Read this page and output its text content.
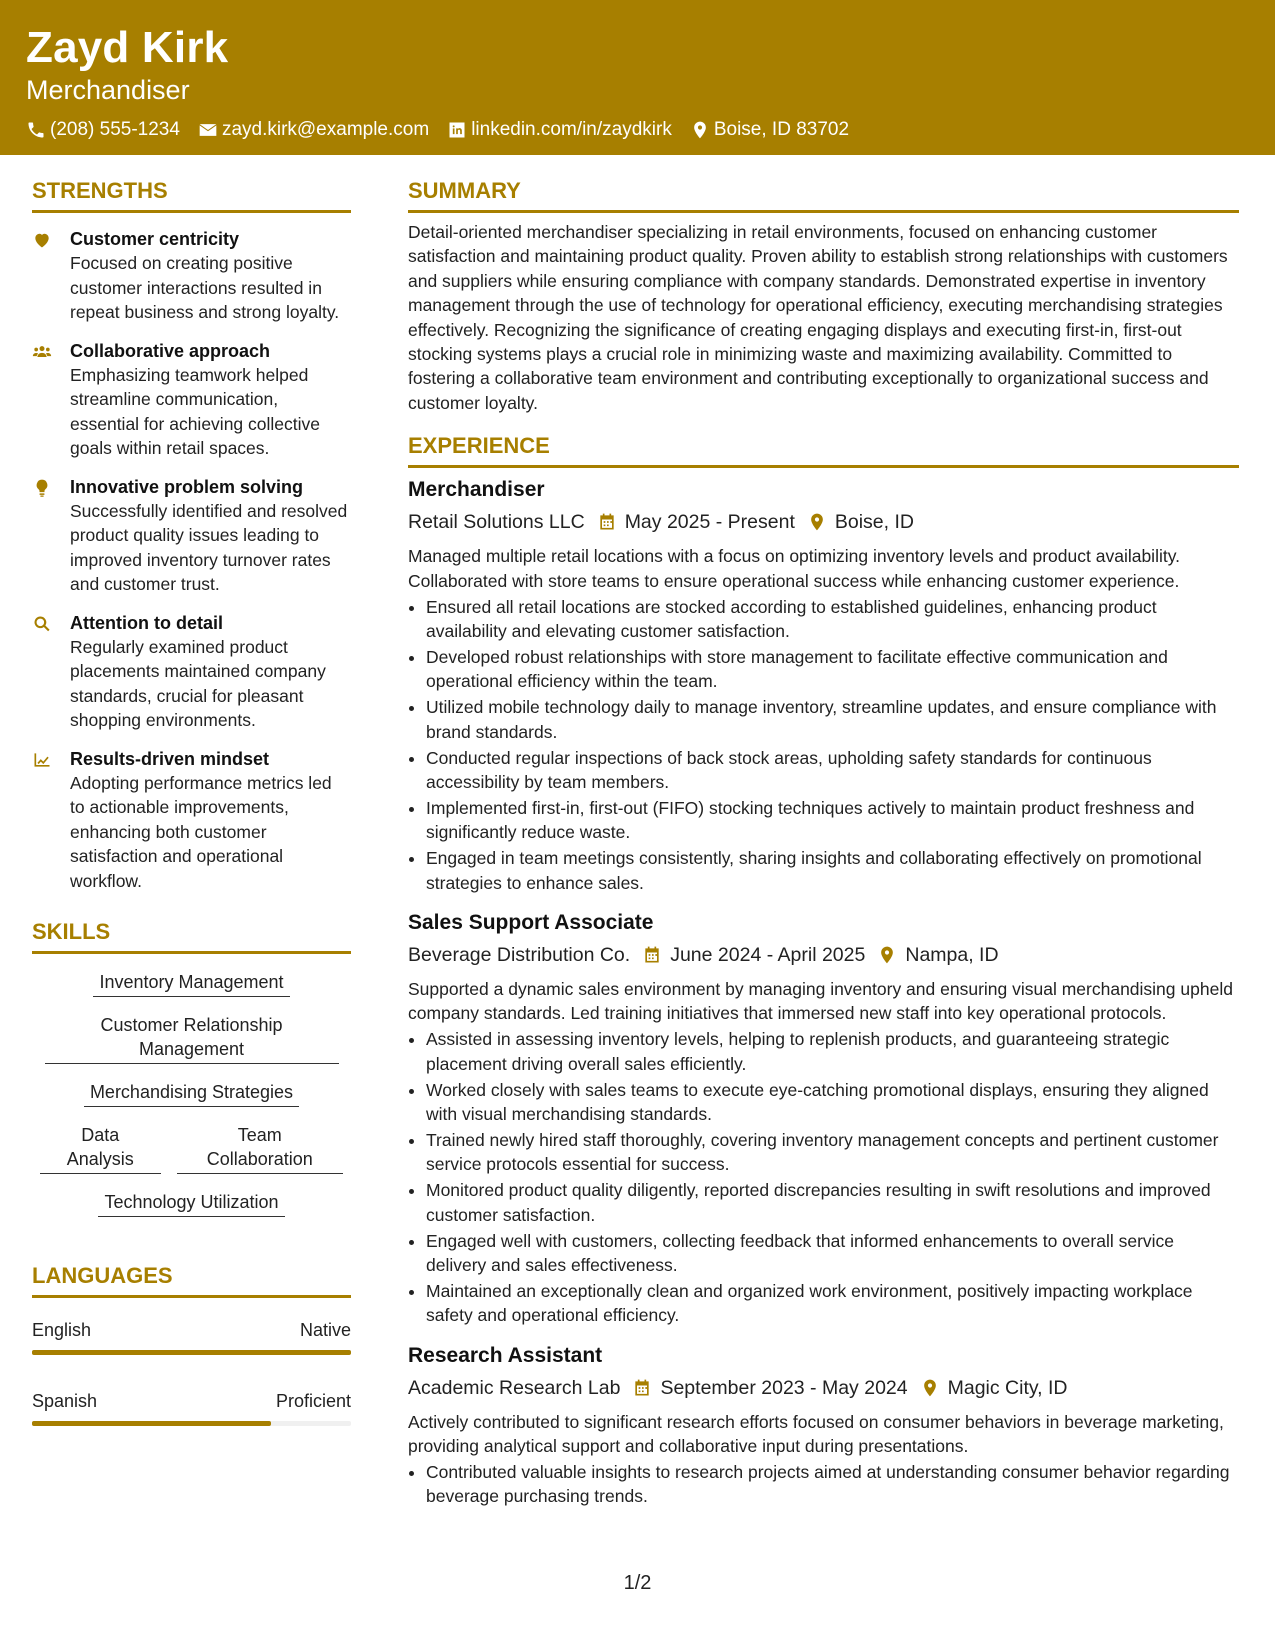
Zayd Kirk
Merchandiser
(208) 555-1234 zayd.kirk@example.com linkedin.com/in/zaydkirk Boise, ID 83702
STRENGTHS
Customer centricity
Focused on creating positive customer interactions resulted in repeat business and strong loyalty.
Collaborative approach
Emphasizing teamwork helped streamline communication, essential for achieving collective goals within retail spaces.
Innovative problem solving
Successfully identified and resolved product quality issues leading to improved inventory turnover rates and customer trust.
Attention to detail
Regularly examined product placements maintained company standards, crucial for pleasant shopping environments.
Results-driven mindset
Adopting performance metrics led to actionable improvements, enhancing both customer satisfaction and operational workflow.
SKILLS
Inventory Management
Customer Relationship Management
Merchandising Strategies
Data Analysis
Team Collaboration
Technology Utilization
LANGUAGES
English	Native
Spanish	Proficient
SUMMARY
Detail-oriented merchandiser specializing in retail environments, focused on enhancing customer satisfaction and maintaining product quality. Proven ability to establish strong relationships with customers and suppliers while ensuring compliance with company standards. Demonstrated expertise in inventory management through the use of technology for operational efficiency, executing merchandising strategies effectively. Recognizing the significance of creating engaging displays and executing first-in, first-out stocking systems plays a crucial role in minimizing waste and maximizing availability. Committed to fostering a collaborative team environment and contributing exceptionally to organizational success and customer loyalty.
EXPERIENCE
Merchandiser
Retail Solutions LLC May 2025 - Present Boise, ID
Managed multiple retail locations with a focus on optimizing inventory levels and product availability. Collaborated with store teams to ensure operational success while enhancing customer experience.
• Ensured all retail locations are stocked according to established guidelines, enhancing product availability and elevating customer satisfaction.
• Developed robust relationships with store management to facilitate effective communication and operational efficiency within the team.
• Utilized mobile technology daily to manage inventory, streamline updates, and ensure compliance with brand standards.
• Conducted regular inspections of back stock areas, upholding safety standards for continuous accessibility by team members.
• Implemented first-in, first-out (FIFO) stocking techniques actively to maintain product freshness and significantly reduce waste.
• Engaged in team meetings consistently, sharing insights and collaborating effectively on promotional strategies to enhance sales.
Sales Support Associate
Beverage Distribution Co. June 2024 - April 2025 Nampa, ID
Supported a dynamic sales environment by managing inventory and ensuring visual merchandising upheld company standards. Led training initiatives that immersed new staff into key operational protocols.
• Assisted in assessing inventory levels, helping to replenish products, and guaranteeing strategic placement driving overall sales efficiently.
• Worked closely with sales teams to execute eye-catching promotional displays, ensuring they aligned with visual merchandising standards.
• Trained newly hired staff thoroughly, covering inventory management concepts and pertinent customer service protocols essential for success.
• Monitored product quality diligently, reported discrepancies resulting in swift resolutions and improved customer satisfaction.
• Engaged well with customers, collecting feedback that informed enhancements to overall service delivery and sales effectiveness.
• Maintained an exceptionally clean and organized work environment, positively impacting workplace safety and operational efficiency.
Research Assistant
Academic Research Lab September 2023 - May 2024 Magic City, ID
Actively contributed to significant research efforts focused on consumer behaviors in beverage marketing, providing analytical support and collaborative input during presentations.
• Contributed valuable insights to research projects aimed at understanding consumer behavior regarding beverage purchasing trends.
1/2
